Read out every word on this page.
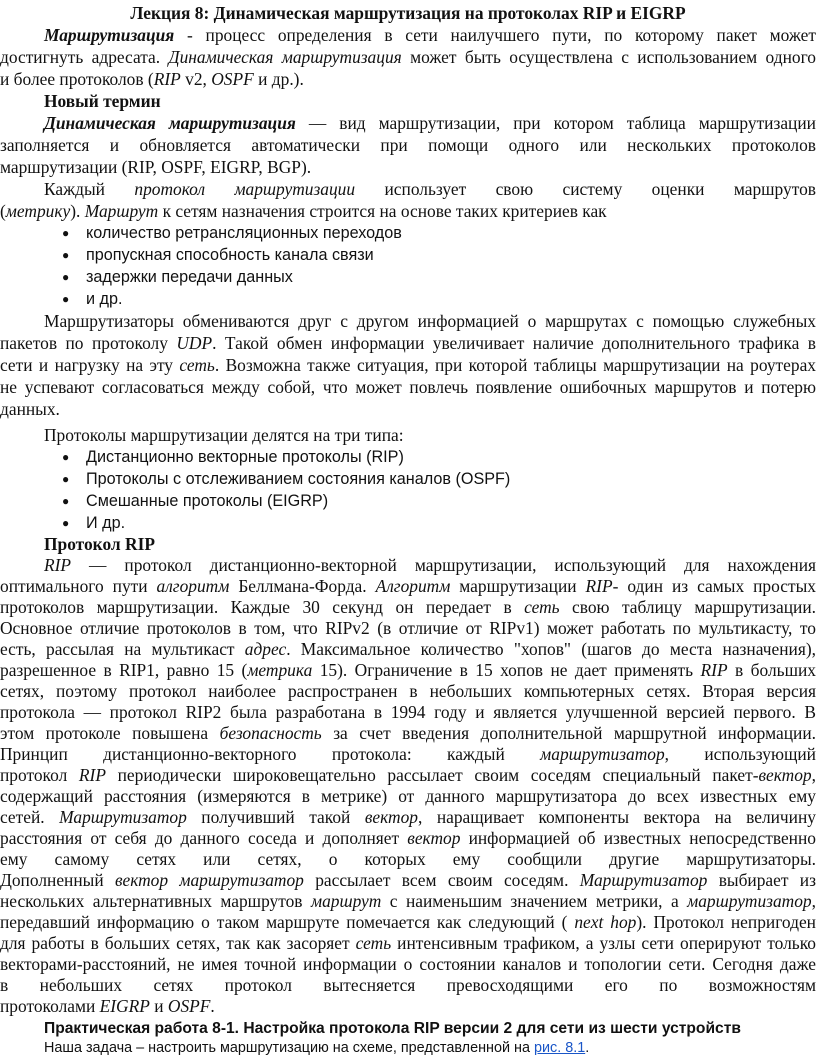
Лекция 8: Динамическая маршрутизация на протоколах RIP и EIGRP
Маршрутизация - процесс определения в сети наилучшего пути, по которому пакет может
достигнуть адресата. Динамическая маршрутизация может быть осуществлена с использованием одного
и более протоколов (RIP v2, OSPF и др.).
Новый термин
Динамическая маршрутизация — вид маршрутизации, при котором таблица маршрутизации
заполняется и обновляется автоматически при помощи одного или нескольких протоколов
маршрутизации (RIP, OSPF, EIGRP, BGP).
Каждый протокол маршрутизации использует свою систему оценки маршрутов
(метрику). Маршрут к сетям назначения строится на основе таких критериев как
● количество ретрансляционных переходов
● пропускная способность канала связи
● задержки передачи данных
● и др.
Маршрутизаторы обмениваются друг с другом информацией о маршрутах с помощью служебных
пакетов по протоколу UDP. Такой обмен информации увеличивает наличие дополнительного трафика в
сети и нагрузку на эту сеть. Возможна также ситуация, при которой таблицы маршрутизации на роутерах
не успевают согласоваться между собой, что может повлечь появление ошибочных маршрутов и потерю
данных.
Протоколы маршрутизации делятся на три типа:
● Дистанционно векторные протоколы (RIP)
● Протоколы с отслеживанием состояния каналов (OSPF)
● Смешанные протоколы (EIGRP)
● И др.
Протокол RIP
RIP — протокол дистанционно-векторной маршрутизации, использующий для нахождения
оптимального пути алгоритм Беллмана-Форда. Алгоритм маршрутизации RIP- один из самых простых
протоколов маршрутизации. Каждые 30 секунд он передает в сеть свою таблицу маршрутизации.
Основное отличие протоколов в том, что RIPv2 (в отличие от RIPv1) может работать по мультикасту, то
есть, рассылая на мультикаст адрес. Максимальное количество "хопов" (шагов до места назначения),
разрешенное в RIP1, равно 15 (метрика 15). Ограничение в 15 хопов не дает применять RIP в больших
сетях, поэтому протокол наиболее распространен в небольших компьютерных сетях. Вторая версия
протокола — протокол RIP2 была разработана в 1994 году и является улучшенной версией первого. В
этом протоколе повышена безопасность за счет введения дополнительной маршрутной информации.
Принцип дистанционно-векторного протокола: каждый маршрутизатор, использующий
протокол RIP периодически широковещательно рассылает своим соседям специальный пакет-вектор,
содержащий расстояния (измеряются в метрике) от данного маршрутизатора до всех известных ему
сетей. Маршрутизатор получивший такой вектор, наращивает компоненты вектора на величину
расстояния от себя до данного соседа и дополняет вектор информацией об известных непосредственно
ему самому сетях или сетях, о которых ему сообщили другие маршрутизаторы.
Дополненный вектор маршрутизатор рассылает всем своим соседям. Маршрутизатор выбирает из
нескольких альтернативных маршрутов маршрут с наименьшим значением метрики, а маршрутизатор,
передавший информацию о таком маршруте помечается как следующий ( next hop). Протокол непригоден
для работы в больших сетях, так как засоряет сеть интенсивным трафиком, а узлы сети оперируют только
векторами-расстояний, не имея точной информации о состоянии каналов и топологии сети. Сегодня даже
в небольших сетях протокол вытесняется превосходящими его по возможностям
протоколами EIGRP и OSPF.
Практическая работа 8-1. Настройка протокола RIP версии 2 для сети из шести устройств
Наша задача – настроить маршрутизацию на схеме, представленной на рис. 8.1.
